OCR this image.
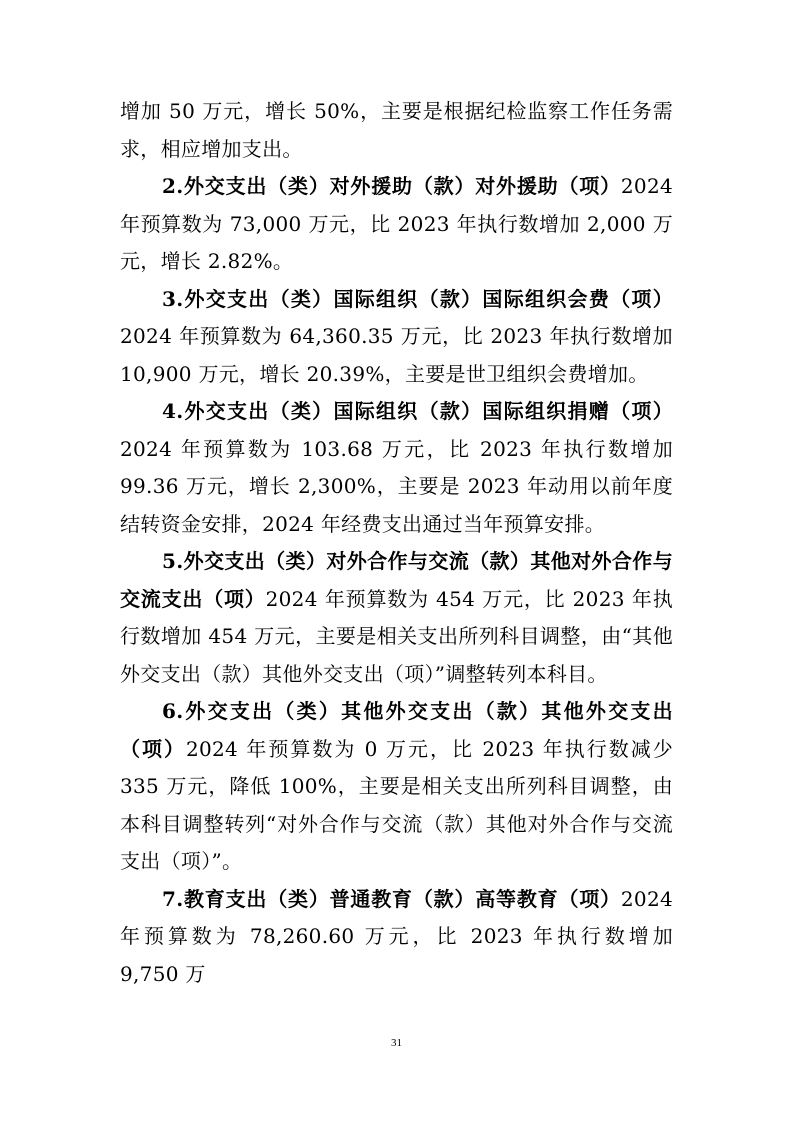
增加 50 万元，增长 50%，主要是根据纪检监察工作任务需求，相应增加支出。

2.外交支出（类）对外援助（款）对外援助（项）2024年预算数为 73,000 万元，比 2023 年执行数增加 2,000 万元，增长 2.82%。

3.外交支出（类）国际组织（款）国际组织会费（项）2024 年预算数为 64,360.35 万元，比 2023 年执行数增加 10,900 万元，增长 20.39%，主要是世卫组织会费增加。

4.外交支出（类）国际组织（款）国际组织捐赠（项）2024 年预算数为 103.68 万元，比 2023 年执行数增加 99.36 万元，增长 2,300%，主要是 2023 年动用以前年度结转资金安排，2024 年经费支出通过当年预算安排。

5.外交支出（类）对外合作与交流（款）其他对外合作与交流支出（项）2024 年预算数为 454 万元，比 2023 年执行数增加 454 万元，主要是相关支出所列科目调整，由“其他外交支出（款）其他外交支出（项）”调整转列本科目。

6.外交支出（类）其他外交支出（款）其他外交支出（项）2024 年预算数为 0 万元，比 2023 年执行数减少 335 万元，降低 100%，主要是相关支出所列科目调整，由本科目调整转列“对外合作与交流（款）其他对外合作与交流支出（项）”。

7.教育支出（类）普通教育（款）高等教育（项）2024年预算数为 78,260.60 万元，比 2023 年执行数增加 9,750 万

31
